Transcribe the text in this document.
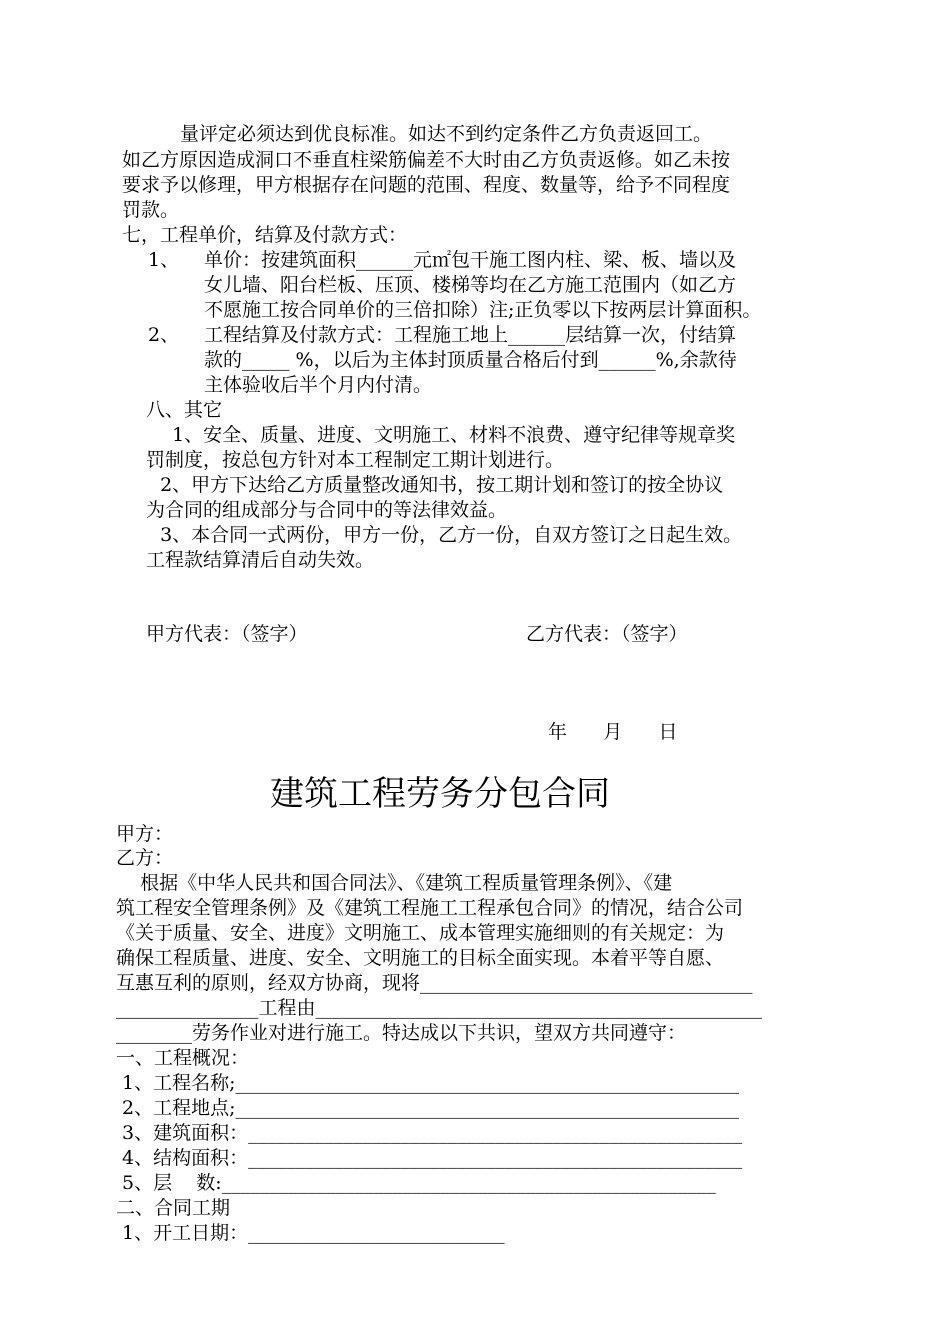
量评定必须达到优良标准。如达不到约定条件乙方负责返回工。
如乙方原因造成洞口不垂直柱梁筋偏差不大时由乙方负责返修。如乙未按
要求予以修理，甲方根据存在问题的范围、程度、数量等，给予不同程度
罚款。
七，工程单价，结算及付款方式：
1、 单价：按建筑面积______元㎡包干施工图内柱、梁、板、墙以及
女儿墙、阳台栏板、压顶、楼梯等均在乙方施工范围内（如乙方
不愿施工按合同单价的三倍扣除）注;正负零以下按两层计算面积。
2、 工程结算及付款方式：工程施工地上______层结算一次，付结算
款的_____ %，以后为主体封顶质量合格后付到______%,余款待
主体验收后半个月内付清。
八、其它
1、安全、质量、进度、文明施工、材料不浪费、遵守纪律等规章奖
罚制度，按总包方针对本工程制定工期计划进行。
2、甲方下达给乙方质量整改通知书，按工期计划和签订的按全协议
为合同的组成部分与合同中的等法律效益。
3、本合同一式两份，甲方一份，乙方一份，自双方签订之日起生效。
工程款结算清后自动失效。
甲方代表：（签字）	乙方代表：（签字）
年      月      日
建筑工程劳务分包合同
甲方：
乙方：
根据《中华人民共和国合同法》、《建筑工程质量管理条例》、《建
筑工程安全管理条例》及《建筑工程施工工程承包合同》的情况，结合公司
《关于质量、安全、进度》文明施工、成本管理实施细则的有关规定：为
确保工程质量、进度、安全、文明施工的目标全面实现。本着平等自愿、
互惠互利的原则，经双方协商，现将___________________________________
_______________工程由_______________________________________________
________劳务作业对进行施工。特达成以下共识，望双方共同遵守：
一、工程概况：
1、工程名称;_____________________________________________________
2、工程地点;_____________________________________________________
3、建筑面积：____________________________________________________
4、结构面积：____________________________________________________
5、层    数:____________________________________________________
二、合同工期
1、开工日期：___________________________
